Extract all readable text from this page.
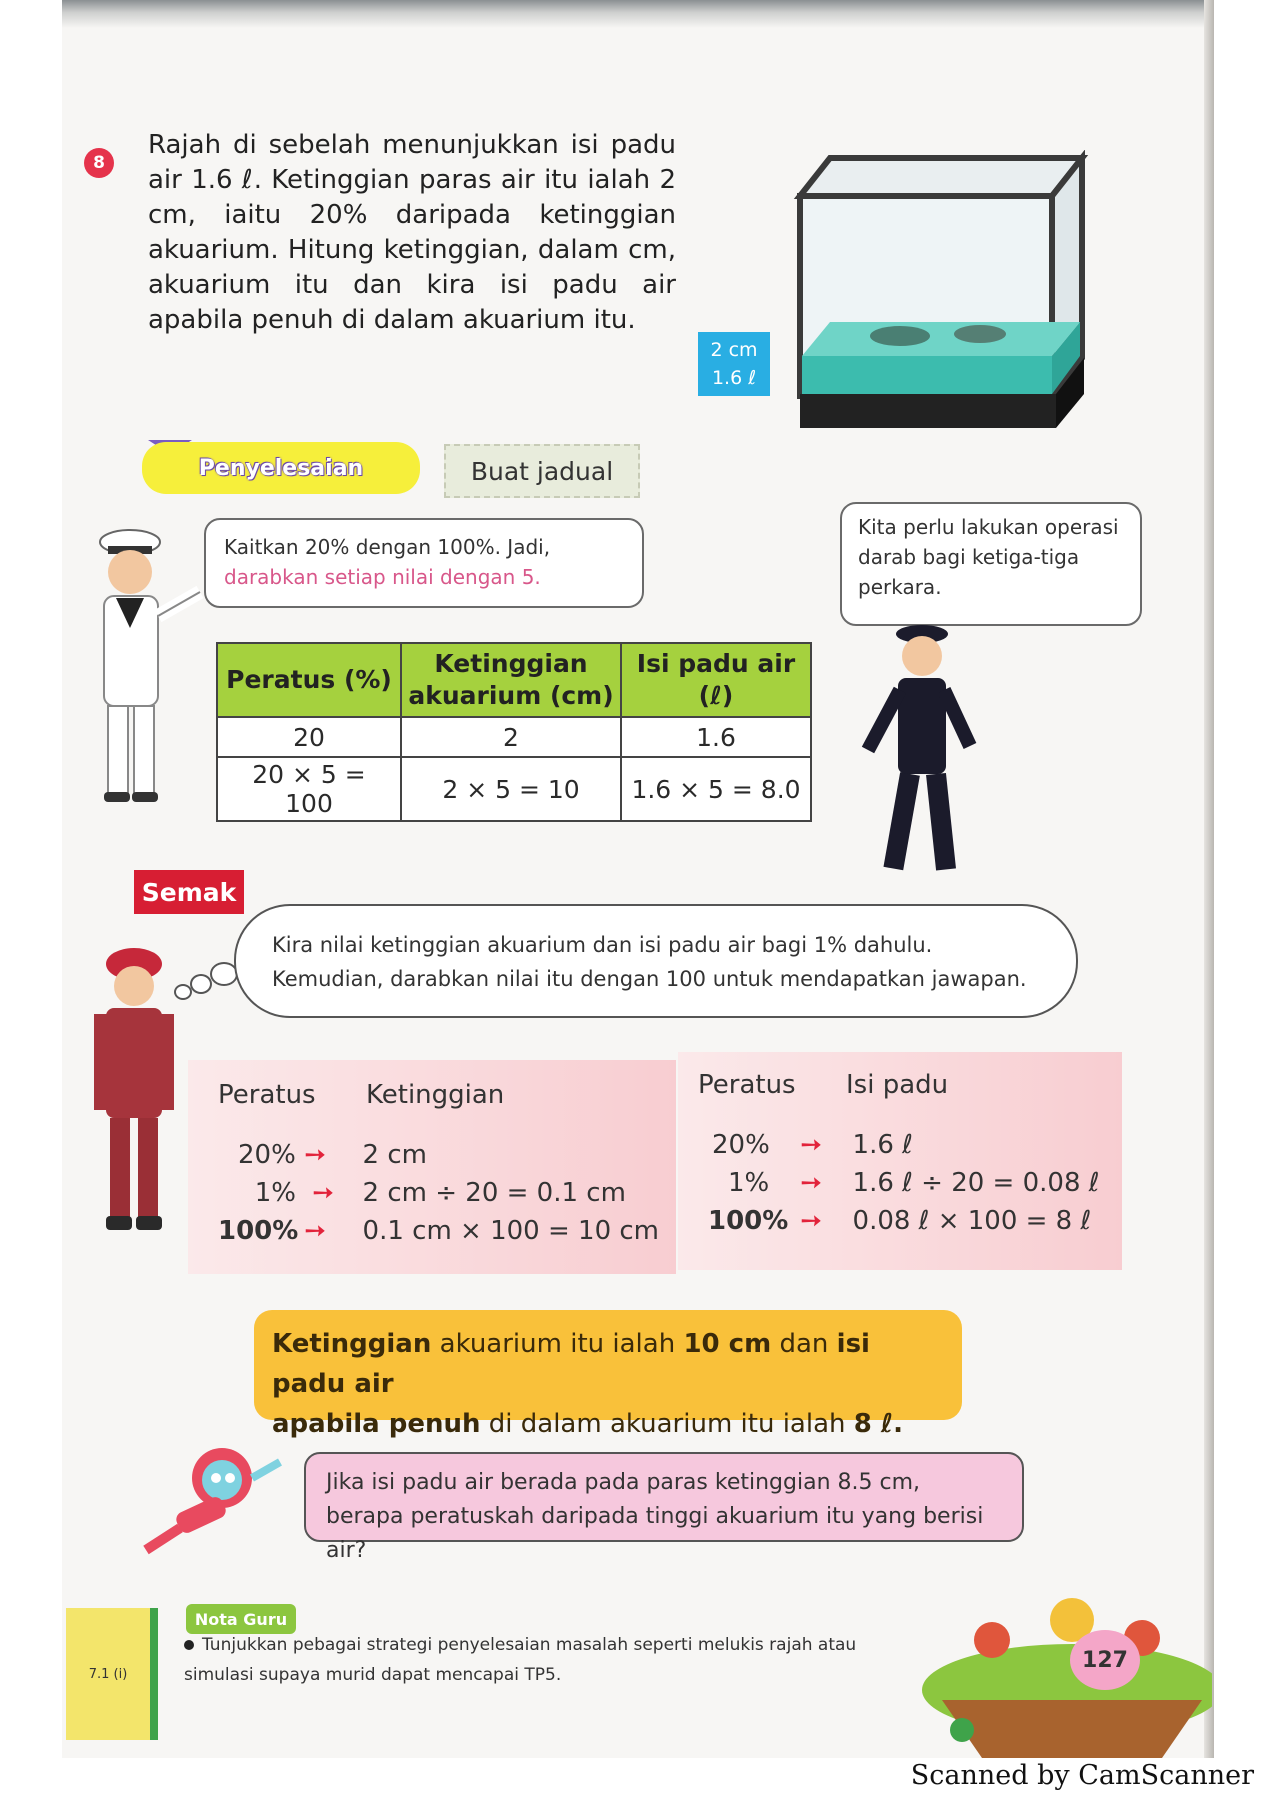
8
Rajah di sebelah menunjukkan isi padu air 1.6 ℓ. Ketinggian paras air itu ialah 2 cm, iaitu 20% daripada ketinggian akuarium. Hitung ketinggian, dalam cm, akuarium itu dan kira isi padu air apabila penuh di dalam akuarium itu.
2 cm
1.6 ℓ
Penyelesaian	Buat jadual
Kaitkan 20% dengan 100%. Jadi,
darabkan setiap nilai dengan 5.
Kita perlu lakukan operasi darab bagi ketiga-tiga perkara.
Peratus (%)	Ketinggian akuarium (cm)	Isi padu air (ℓ)
20	2	1.6
20 × 5 = 100	2 × 5 = 10	1.6 × 5 = 8.0
Semak
Kira nilai ketinggian akuarium dan isi padu air bagi 1% dahulu. Kemudian, darabkan nilai itu dengan 100 untuk mendapatkan jawapan.
Peratus Ketinggian
20% ➙ 2 cm
1% ➙ 2 cm ÷ 20 = 0.1 cm
100% ➙ 0.1 cm × 100 = 10 cm
Peratus Isi padu
20% ➙ 1.6 ℓ
1% ➙ 1.6 ℓ ÷ 20 = 0.08 ℓ
100% ➙ 0.08 ℓ × 100 = 8 ℓ
Ketinggian akuarium itu ialah 10 cm dan isi padu air
apabila penuh di dalam akuarium itu ialah 8 ℓ.
Jika isi padu air berada pada paras ketinggian 8.5 cm, berapa peratuskah daripada tinggi akuarium itu yang berisi air?
7.1 (i)
Nota Guru
Tunjukkan pebagai strategi penyelesaian masalah seperti melukis rajah atau simulasi supaya murid dapat mencapai TP5.
127
Scanned by CamScanner
